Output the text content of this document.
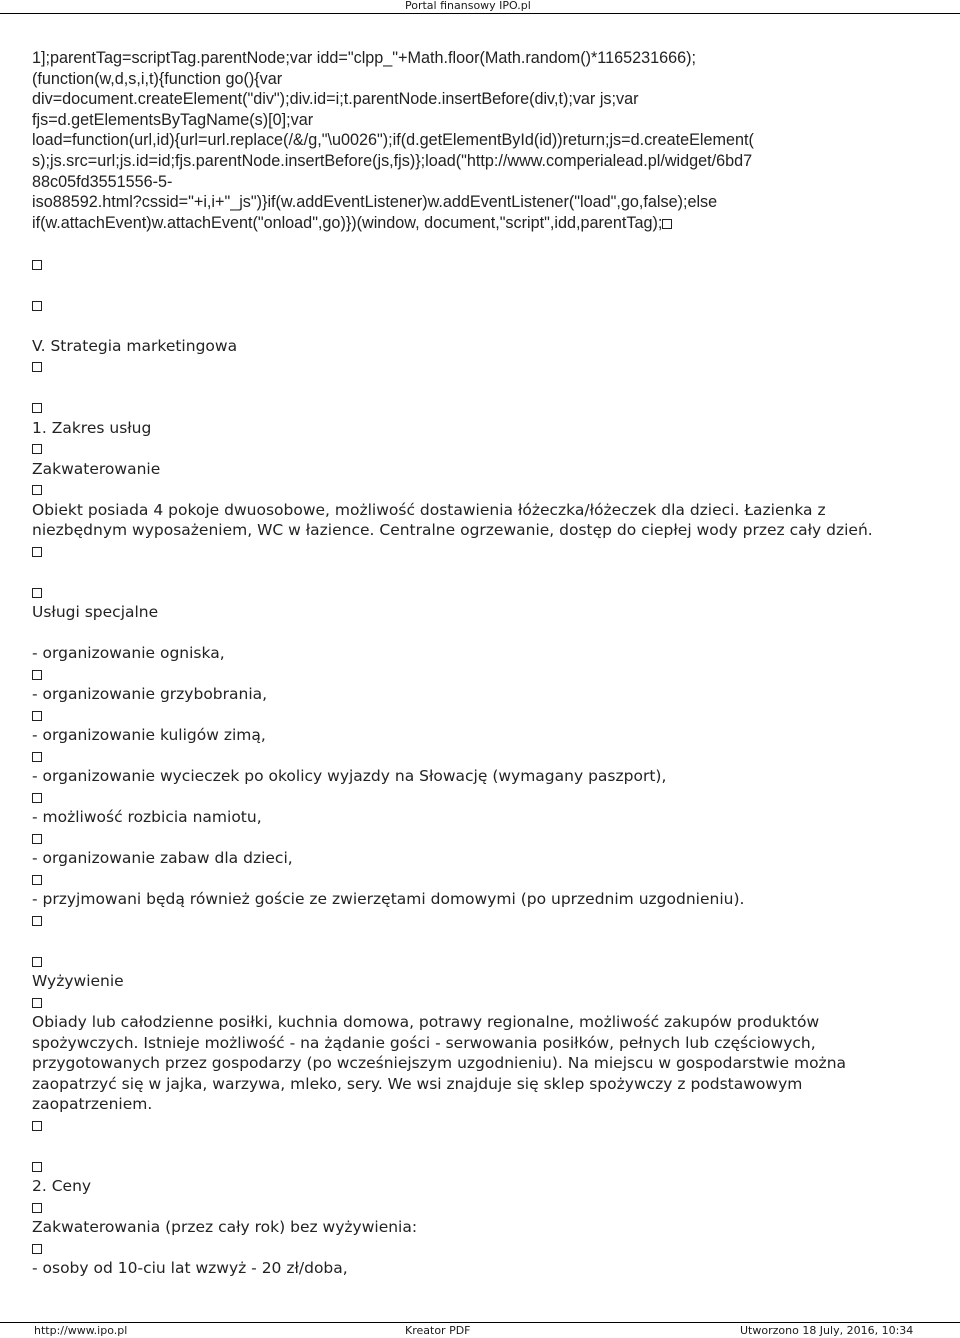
Portal finansowy IPO.pl
1];parentTag=scriptTag.parentNode;var idd="clpp_"+Math.floor(Math.random()*1165231666);
(function(w,d,s,i,t){function go(){var
div=document.createElement("div");div.id=i;t.parentNode.insertBefore(div,t);var js;var
fjs=d.getElementsByTagName(s)[0];var
load=function(url,id){url=url.replace(/&/g,"\u0026");if(d.getElementById(id))return;js=d.createElement(
s);js.src=url;js.id=id;fjs.parentNode.insertBefore(js,fjs)};load("http://www.comperialead.pl/widget/6bd7
88c05fd3551556-5-
iso88592.html?cssid="+i,i+"_js")}if(w.addEventListener)w.addEventListener("load",go,false);else
if(w.attachEvent)w.attachEvent("onload",go)})(window, document,"script",idd,parentTag);
V. Strategia marketingowa
1. Zakres usług
Zakwaterowanie
Obiekt posiada 4 pokoje dwuosobowe, możliwość dostawienia łóżeczka/łóżeczek dla dzieci. Łazienka z niezbędnym wyposażeniem, WC w łazience. Centralne ogrzewanie, dostęp do ciepłej wody przez cały dzień.
Usługi specjalne
- organizowanie ogniska,
- organizowanie grzybobrania,
- organizowanie kuligów zimą,
- organizowanie wycieczek po okolicy wyjazdy na Słowację (wymagany paszport),
- możliwość rozbicia namiotu,
- organizowanie zabaw dla dzieci,
- przyjmowani będą również goście ze zwierzętami domowymi (po uprzednim uzgodnieniu).
Wyżywienie
Obiady lub całodzienne posiłki, kuchnia domowa, potrawy regionalne, możliwość zakupów produktów spożywczych. Istnieje możliwość - na żądanie gości - serwowania posiłków, pełnych lub częściowych, przygotowanych przez gospodarzy (po wcześniejszym uzgodnieniu). Na miejscu w gospodarstwie można zaopatrzyć się w jajka, warzywa, mleko, sery. We wsi znajduje się sklep spożywczy z podstawowym zaopatrzeniem.
2. Ceny
Zakwaterowania (przez cały rok) bez wyżywienia:
- osoby od 10-ciu lat wzwyż - 20 zł/doba,
http://www.ipo.pl	Kreator PDF	Utworzono 18 July, 2016, 10:34
